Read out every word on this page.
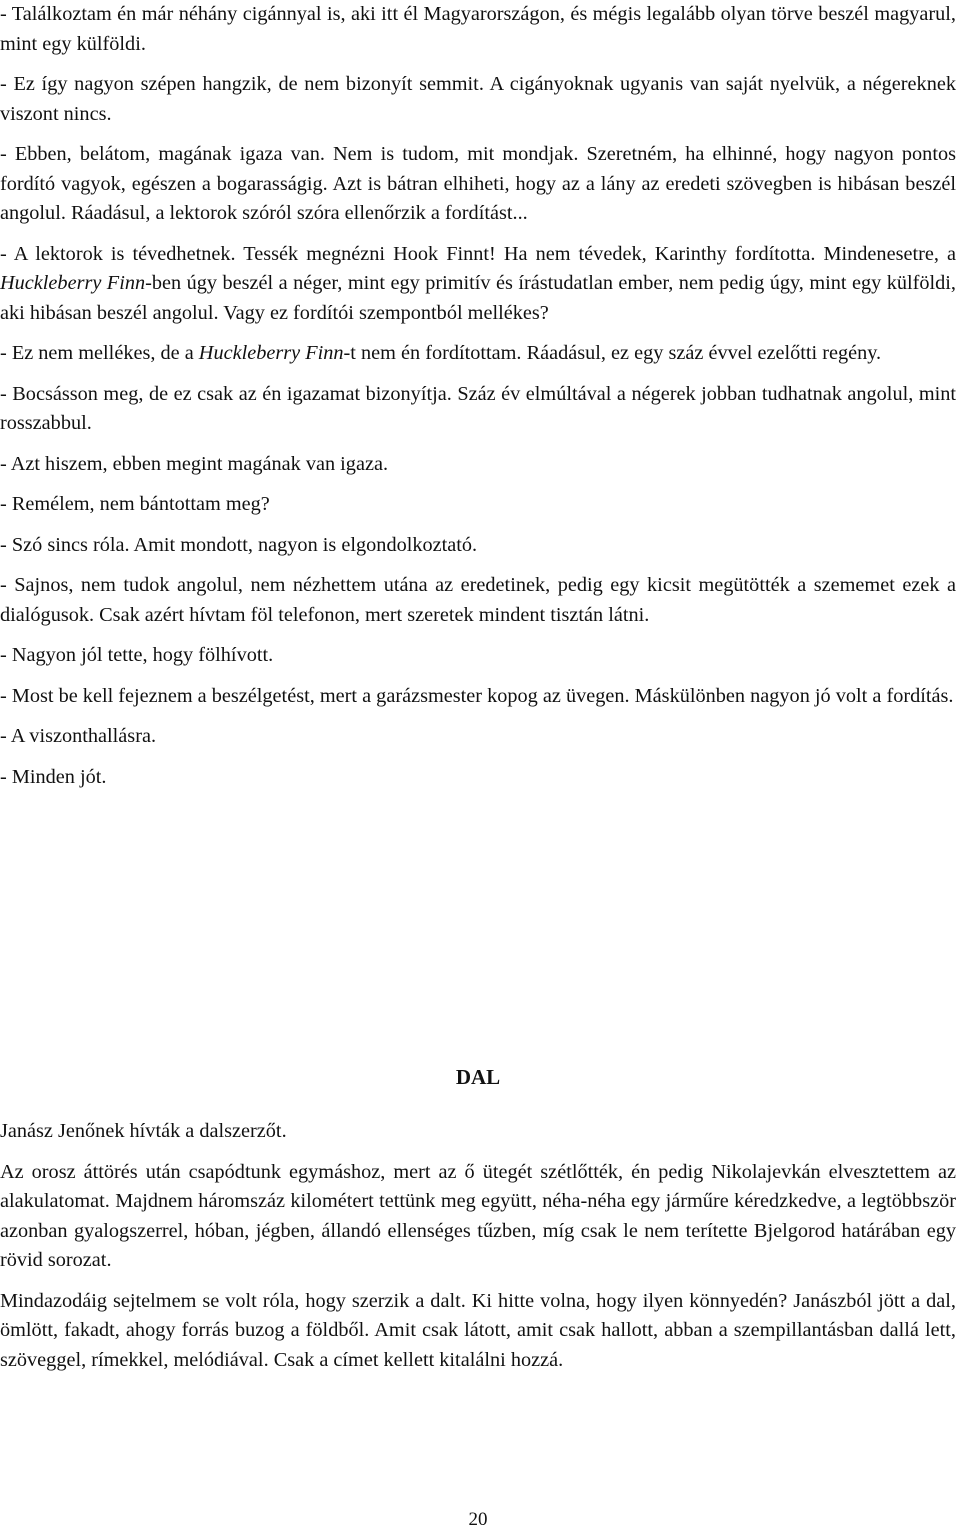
- Találkoztam én már néhány cigánnyal is, aki itt él Magyarországon, és mégis legalább olyan törve beszél magyarul, mint egy külföldi.

- Ez így nagyon szépen hangzik, de nem bizonyít semmit. A cigányoknak ugyanis van saját nyelvük, a négereknek viszont nincs.

- Ebben, belátom, magának igaza van. Nem is tudom, mit mondjak. Szeretném, ha elhinné, hogy nagyon pontos fordító vagyok, egészen a bogarasságig. Azt is bátran elhiheti, hogy az a lány az eredeti szövegben is hibásan beszél angolul. Ráadásul, a lektorok szóról szóra ellenőrzik a fordítást...

- A lektorok is tévedhetnek. Tessék megnézni Hook Finnt! Ha nem tévedek, Karinthy fordította. Mindenesetre, a Huckleberry Finn-ben úgy beszél a néger, mint egy primitív és írástudatlan ember, nem pedig úgy, mint egy külföldi, aki hibásan beszél angolul. Vagy ez fordítói szempontból mellékes?

- Ez nem mellékes, de a Huckleberry Finn-t nem én fordítottam. Ráadásul, ez egy száz évvel ezelőtti regény.

- Bocsásson meg, de ez csak az én igazamat bizonyítja. Száz év elmúltával a négerek jobban tudhatnak angolul, mint rosszabbul.

- Azt hiszem, ebben megint magának van igaza.

- Remélem, nem bántottam meg?

- Szó sincs róla. Amit mondott, nagyon is elgondolkoztató.

- Sajnos, nem tudok angolul, nem nézhettem utána az eredetinek, pedig egy kicsit megütötték a szememet ezek a dialógusok. Csak azért hívtam föl telefonon, mert szeretek mindent tisztán látni.

- Nagyon jól tette, hogy fölhívott.

- Most be kell fejeznem a beszélgetést, mert a garázsmester kopog az üvegen. Máskülönben nagyon jó volt a fordítás.

- A viszonthallásra.

- Minden jót.

DAL

Janász Jenőnek hívták a dalszerzőt.

Az orosz áttörés után csapódtunk egymáshoz, mert az ő ütegét szétlőtték, én pedig Nikolajevkán elvesztettem az alakulatomat. Majdnem háromszáz kilométert tettünk meg együtt, néha-néha egy járműre kéredzkedve, a legtöbbször azonban gyalogszerrel, hóban, jégben, állandó ellenséges tűzben, míg csak le nem terítette Bjelgorod határában egy rövid sorozat.

Mindazodáig sejtelmem se volt róla, hogy szerzik a dalt. Ki hitte volna, hogy ilyen könnyedén? Janászból jött a dal, ömlött, fakadt, ahogy forrás buzog a földből. Amit csak látott, amit csak hallott, abban a szempillantásban dallá lett, szöveggel, rímekkel, melódiával. Csak a címet kellett kitalálni hozzá.

20
